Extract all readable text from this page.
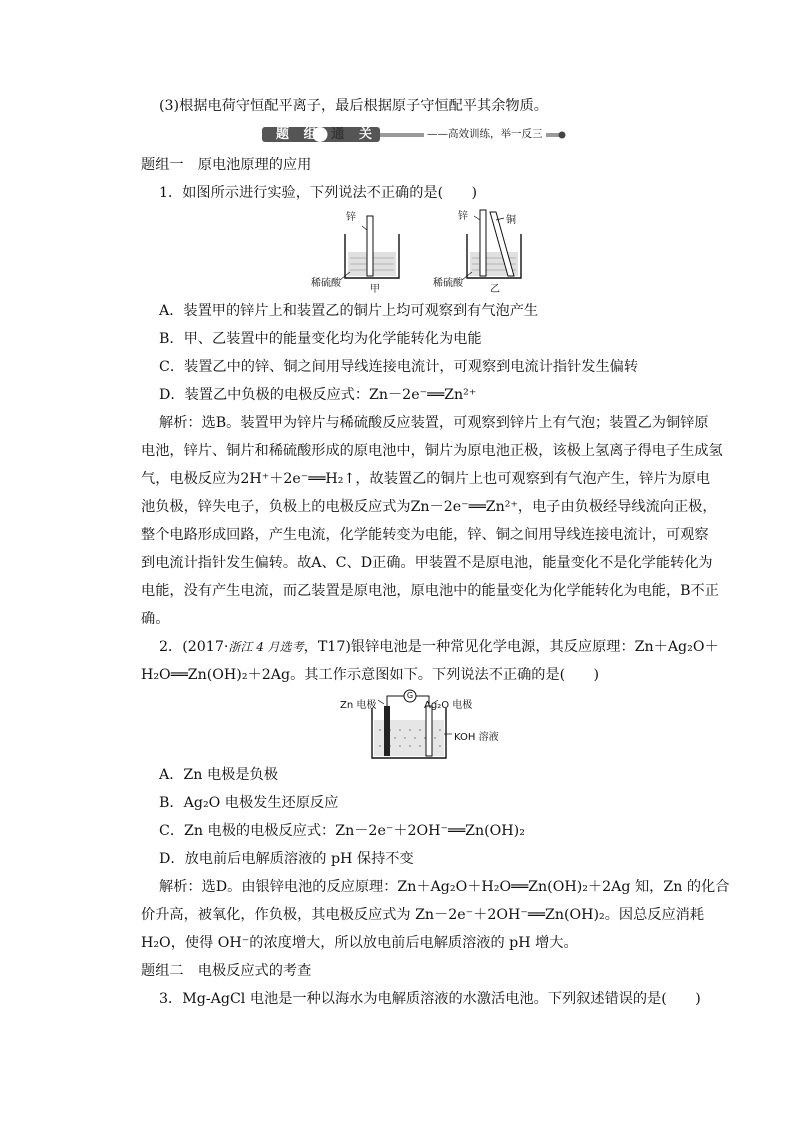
(3)根据电荷守恒配平离子，最后根据原子守恒配平其余物质。
题 组 通 关	——高效训练，举一反三
题组一　原电池原理的应用
1．如图所示进行实验，下列说法不正确的是(　　)
锌
稀硫酸
甲
锌	铜
稀硫酸
乙
A．装置甲的锌片上和装置乙的铜片上均可观察到有气泡产生
B．甲、乙装置中的能量变化均为化学能转化为电能
C．装置乙中的锌、铜之间用导线连接电流计，可观察到电流计指针发生偏转
D．装置乙中负极的电极反应式：Zn－2e⁻══Zn²⁺
解析：选B。装置甲为锌片与稀硫酸反应装置，可观察到锌片上有气泡；装置乙为铜锌原
电池，锌片、铜片和稀硫酸形成的原电池中，铜片为原电池正极，该极上氢离子得电子生成氢
气，电极反应为2H⁺＋2e⁻══H₂↑，故装置乙的铜片上也可观察到有气泡产生，锌片为原电
池负极，锌失电子，负极上的电极反应式为Zn－2e⁻══Zn²⁺，电子由负极经导线流向正极，
整个电路形成回路，产生电流，化学能转变为电能，锌、铜之间用导线连接电流计，可观察
到电流计指针发生偏转。故A、C、D正确。甲装置不是原电池，能量变化不是化学能转化为
电能，没有产生电流，而乙装置是原电池，原电池中的能量变化为化学能转化为电能，B不正
确。
2．(2017·浙江 4 月选考，T17)银锌电池是一种常见化学电源，其反应原理：Zn＋Ag₂O＋
H₂O══Zn(OH)₂＋2Ag。其工作示意图如下。下列说法不正确的是(　　)
G
Zn 电极	Ag₂O 电极
KOH 溶液
A．Zn 电极是负极
B．Ag₂O 电极发生还原反应
C．Zn 电极的电极反应式：Zn－2e⁻＋2OH⁻══Zn(OH)₂
D．放电前后电解质溶液的 pH 保持不变
解析：选D。由银锌电池的反应原理：Zn＋Ag₂O＋H₂O══Zn(OH)₂＋2Ag 知，Zn 的化合
价升高，被氧化，作负极，其电极反应式为 Zn－2e⁻＋2OH⁻══Zn(OH)₂。因总反应消耗
H₂O，使得 OH⁻的浓度增大，所以放电前后电解质溶液的 pH 增大。
题组二　电极反应式的考查
3．Mg-AgCl 电池是一种以海水为电解质溶液的水激活电池。下列叙述错误的是(　　)
